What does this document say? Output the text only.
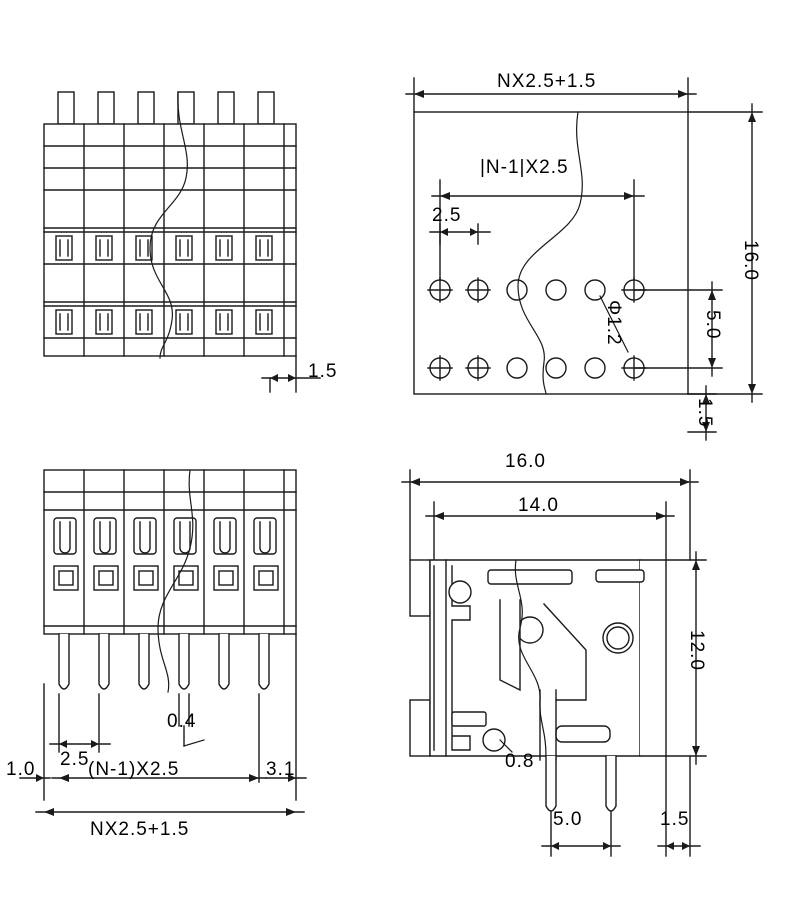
1.5
NX2.5+1.5
|N-1|X2.5
2.5
Φ1.2
16.0
5.0
1.5
2.5
0.4
1.0	(N-1)X2.5	3.1
NX2.5+1.5
16.0
14.0
12.0
0.8
5.0	1.5
